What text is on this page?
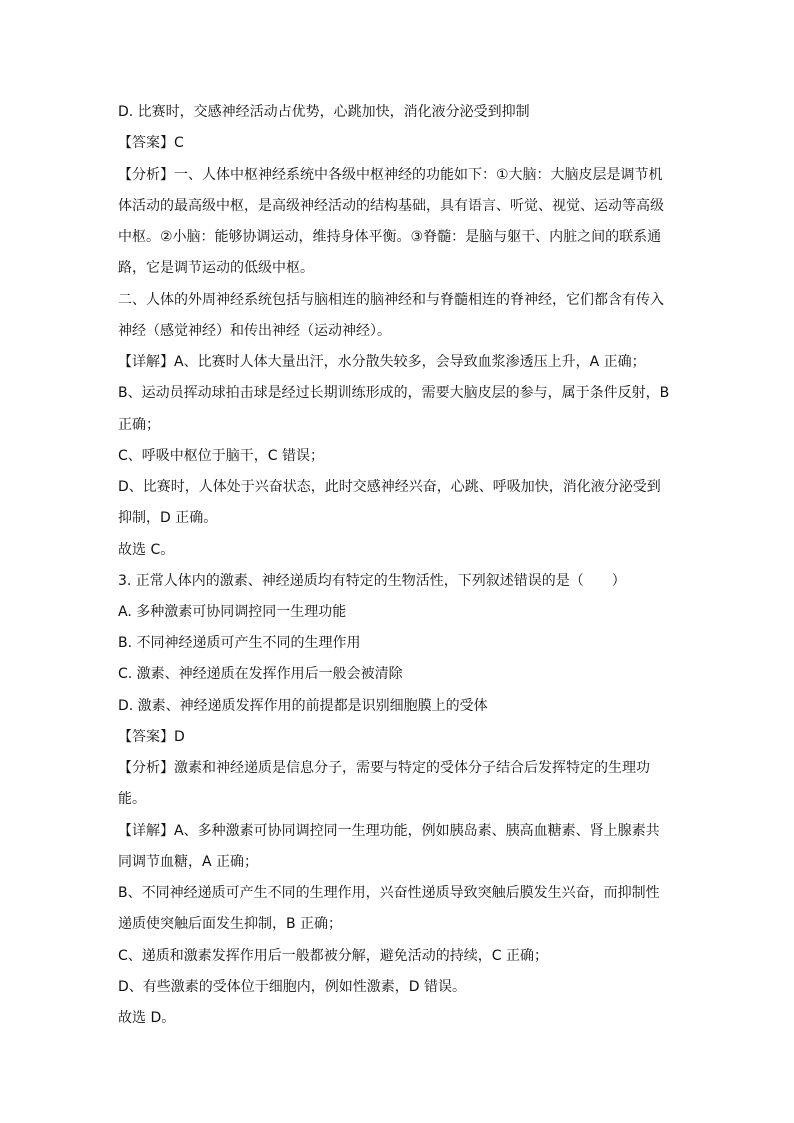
D. 比赛时，交感神经活动占优势，心跳加快，消化液分泌受到抑制
【答案】C
【分析】一、人体中枢神经系统中各级中枢神经的功能如下：①大脑：大脑皮层是调节机
体活动的最高级中枢，是高级神经活动的结构基础，具有语言、听觉、视觉、运动等高级
中枢。②小脑：能够协调运动，维持身体平衡。③脊髓：是脑与躯干、内脏之间的联系通
路，它是调节运动的低级中枢。
二、人体的外周神经系统包括与脑相连的脑神经和与脊髓相连的脊神经，它们都含有传入
神经（感觉神经）和传出神经（运动神经）。
【详解】A、比赛时人体大量出汗，水分散失较多，会导致血浆渗透压上升，A 正确；
B、运动员挥动球拍击球是经过长期训练形成的，需要大脑皮层的参与，属于条件反射，B
正确；
C、呼吸中枢位于脑干，C 错误；
D、比赛时，人体处于兴奋状态，此时交感神经兴奋，心跳、呼吸加快，消化液分泌受到
抑制，D 正确。
故选 C。
3. 正常人体内的激素、神经递质均有特定的生物活性，下列叙述错误的是（　　）
A. 多种激素可协同调控同一生理功能
B. 不同神经递质可产生不同的生理作用
C. 激素、神经递质在发挥作用后一般会被清除
D. 激素、神经递质发挥作用的前提都是识别细胞膜上的受体
【答案】D
【分析】激素和神经递质是信息分子，需要与特定的受体分子结合后发挥特定的生理功
能。
【详解】A、多种激素可协同调控同一生理功能，例如胰岛素、胰高血糖素、肾上腺素共
同调节血糖，A 正确；
B、不同神经递质可产生不同的生理作用，兴奋性递质导致突触后膜发生兴奋，而抑制性
递质使突触后面发生抑制，B 正确；
C、递质和激素发挥作用后一般都被分解，避免活动的持续，C 正确；
D、有些激素的受体位于细胞内，例如性激素，D 错误。
故选 D。
